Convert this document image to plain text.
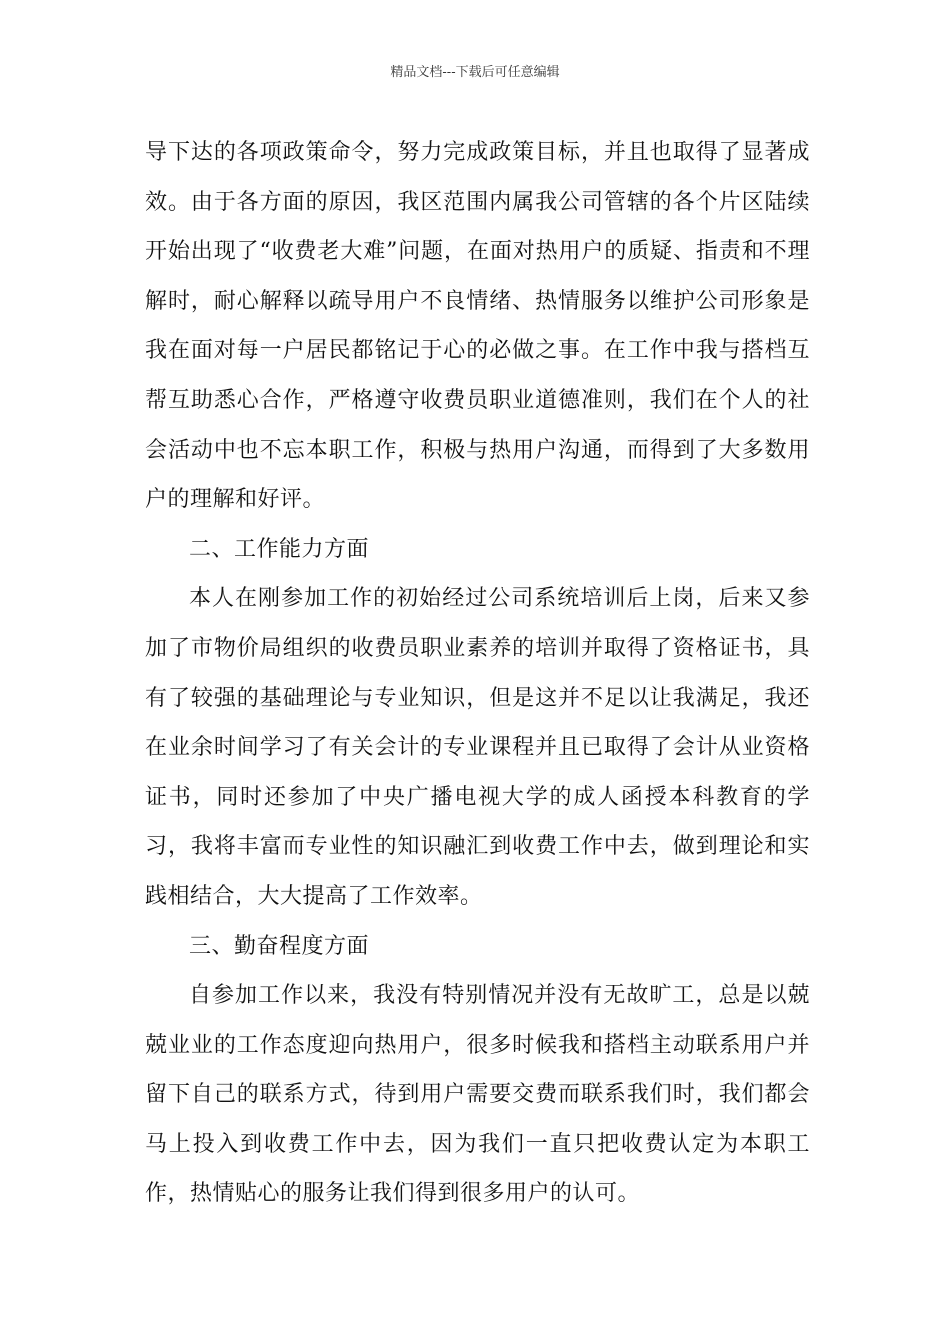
精品文档---下载后可任意编辑

导下达的各项政策命令，努力完成政策目标，并且也取得了显著成效。由于各方面的原因，我区范围内属我公司管辖的各个片区陆续开始出现了“收费老大难”问题，在面对热用户的质疑、指责和不理解时，耐心解释以疏导用户不良情绪、热情服务以维护公司形象是我在面对每一户居民都铭记于心的必做之事。在工作中我与搭档互帮互助悉心合作，严格遵守收费员职业道德准则，我们在个人的社会活动中也不忘本职工作，积极与热用户沟通，而得到了大多数用户的理解和好评。

二、工作能力方面

本人在刚参加工作的初始经过公司系统培训后上岗，后来又参加了市物价局组织的收费员职业素养的培训并取得了资格证书，具有了较强的基础理论与专业知识，但是这并不足以让我满足，我还在业余时间学习了有关会计的专业课程并且已取得了会计从业资格证书，同时还参加了中央广播电视大学的成人函授本科教育的学习，我将丰富而专业性的知识融汇到收费工作中去，做到理论和实践相结合，大大提高了工作效率。

三、勤奋程度方面

自参加工作以来，我没有特别情况并没有无故旷工，总是以兢兢业业的工作态度迎向热用户，很多时候我和搭档主动联系用户并留下自己的联系方式，待到用户需要交费而联系我们时，我们都会马上投入到收费工作中去，因为我们一直只把收费认定为本职工作，热情贴心的服务让我们得到很多用户的认可。
